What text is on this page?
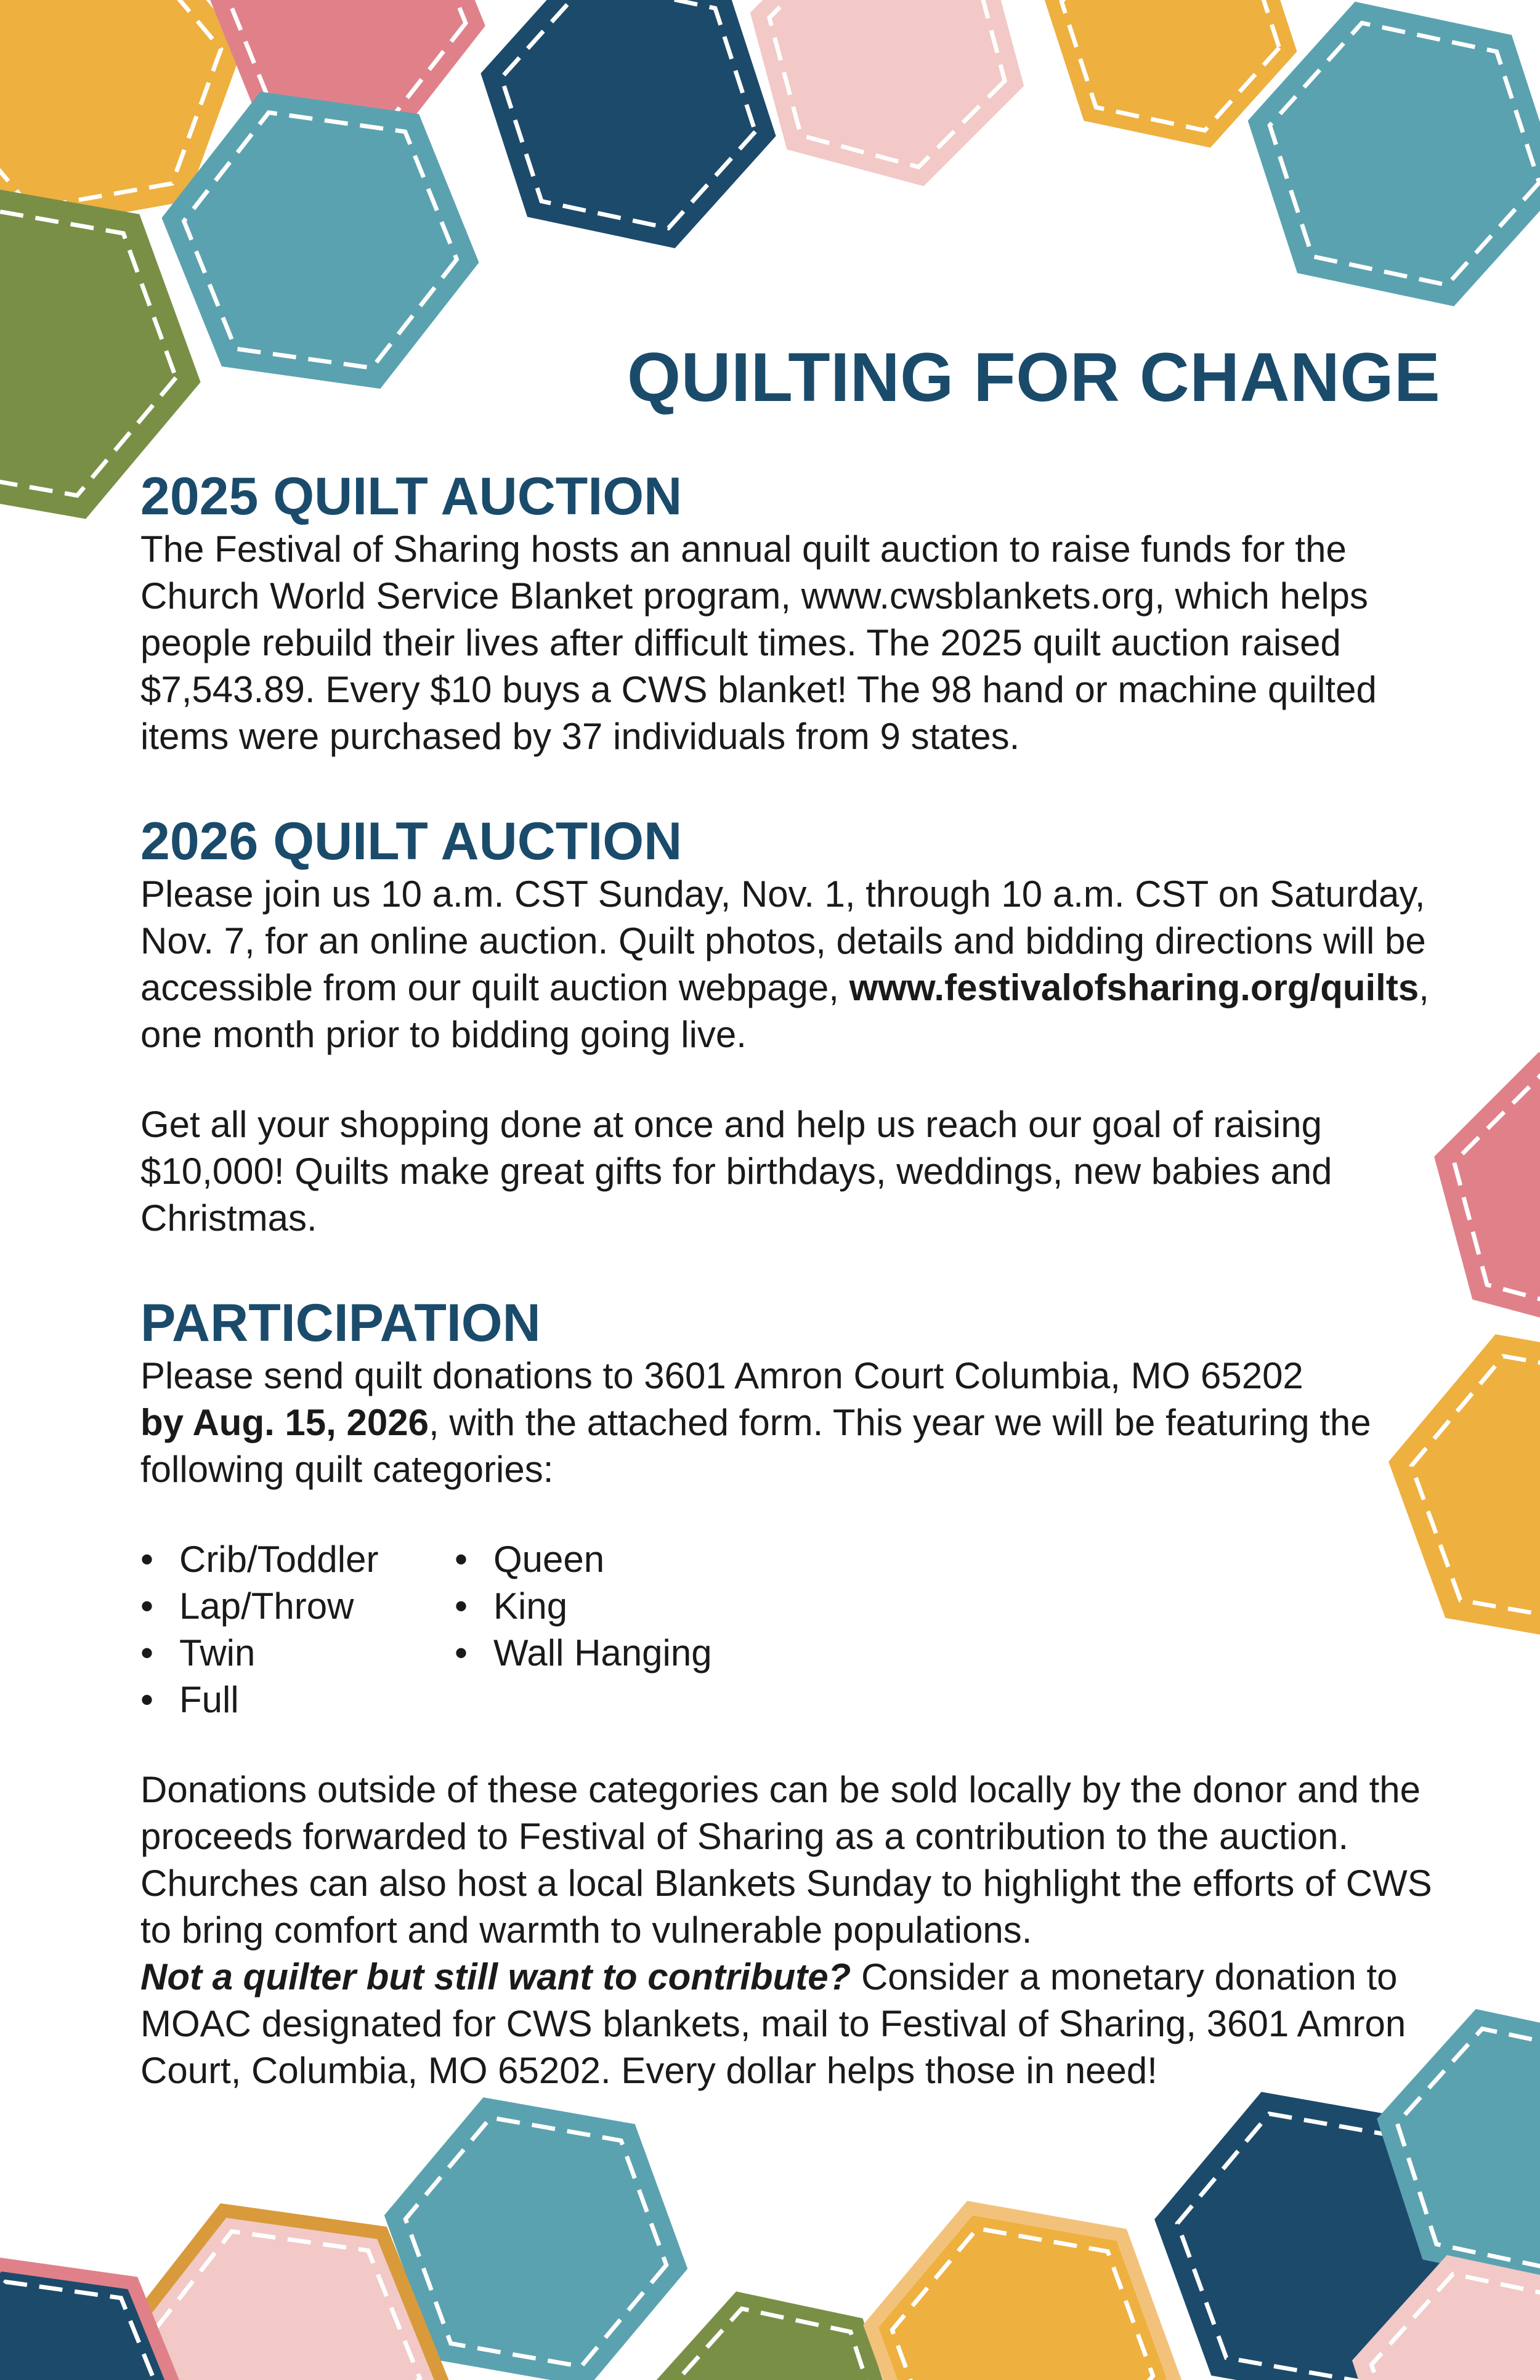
QUILTING FOR CHANGE
2025 QUILT AUCTION

The Festival of Sharing hosts an annual quilt auction to raise funds for the Church World Service Blanket program, www.cwsblankets.org, which helps people rebuild their lives after difficult times. The 2025 quilt auction raised $7,543.89. Every $10 buys a CWS blanket! The 98 hand or machine quilted items were purchased by 37 individuals from 9 states.

2026 QUILT AUCTION

Please join us 10 a.m. CST Sunday, Nov. 1, through 10 a.m. CST on Saturday, Nov. 7, for an online auction. Quilt photos, details and bidding directions will be accessible from our quilt auction webpage, www.festivalofsharing.org/quilts, one month prior to bidding going live.

Get all your shopping done at once and help us reach our goal of raising $10,000! Quilts make great gifts for birthdays, weddings, new babies and Christmas.

PARTICIPATION

Please send quilt donations to 3601 Amron Court Columbia, MO 65202
by Aug. 15, 2026, with the attached form. This year we will be featuring the following quilt categories:

• Crib/Toddler
• Lap/Throw
• Twin
• Full
• Queen
• King
• Wall Hanging

Donations outside of these categories can be sold locally by the donor and the proceeds forwarded to Festival of Sharing as a contribution to the auction. Churches can also host a local Blankets Sunday to highlight the efforts of CWS to bring comfort and warmth to vulnerable populations.

Not a quilter but still want to contribute? Consider a monetary donation to MOAC designated for CWS blankets, mail to Festival of Sharing, 3601 Amron Court, Columbia, MO 65202. Every dollar helps those in need!
